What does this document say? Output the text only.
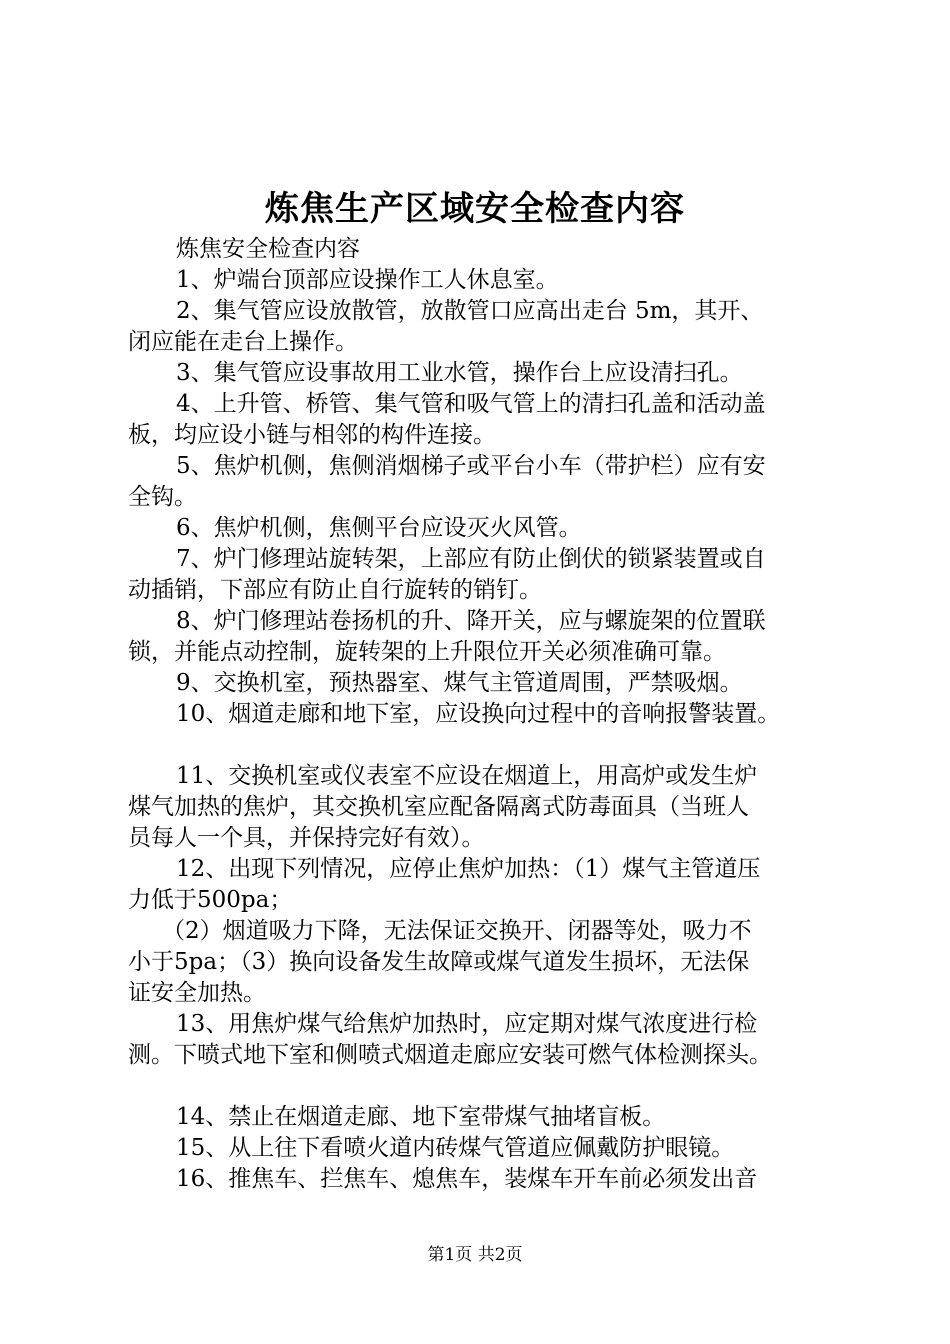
炼焦生产区域安全检查内容
炼焦安全检查内容
1、炉端台顶部应设操作工人休息室。
2、集气管应设放散管，放散管口应高出走台 5m，其开、
闭应能在走台上操作。
3、集气管应设事故用工业水管，操作台上应设清扫孔。
4、上升管、桥管、集气管和吸气管上的清扫孔盖和活动盖
板，均应设小链与相邻的构件连接。
5、焦炉机侧，焦侧消烟梯子或平台小车（带护栏）应有安
全钩。
6、焦炉机侧，焦侧平台应设灭火风管。
7、炉门修理站旋转架，上部应有防止倒伏的锁紧装置或自
动插销，下部应有防止自行旋转的销钉。
8、炉门修理站卷扬机的升、降开关，应与螺旋架的位置联
锁，并能点动控制，旋转架的上升限位开关必须准确可靠。
9、交换机室，预热器室、煤气主管道周围，严禁吸烟。
10、烟道走廊和地下室，应设换向过程中的音响报警装置。
11、交换机室或仪表室不应设在烟道上，用高炉或发生炉
煤气加热的焦炉，其交换机室应配备隔离式防毒面具（当班人
员每人一个具，并保持完好有效）。
12、出现下列情况，应停止焦炉加热：（1）煤气主管道压
力低于500pa；
（2）烟道吸力下降，无法保证交换开、闭器等处，吸力不
小于5pa；（3）换向设备发生故障或煤气道发生损坏，无法保
证安全加热。
13、用焦炉煤气给焦炉加热时，应定期对煤气浓度进行检
测。下喷式地下室和侧喷式烟道走廊应安装可燃气体检测探头。
14、禁止在烟道走廊、地下室带煤气抽堵盲板。
15、从上往下看喷火道内砖煤气管道应佩戴防护眼镜。
16、推焦车、拦焦车、熄焦车，装煤车开车前必须发出音
第1页 共2页
